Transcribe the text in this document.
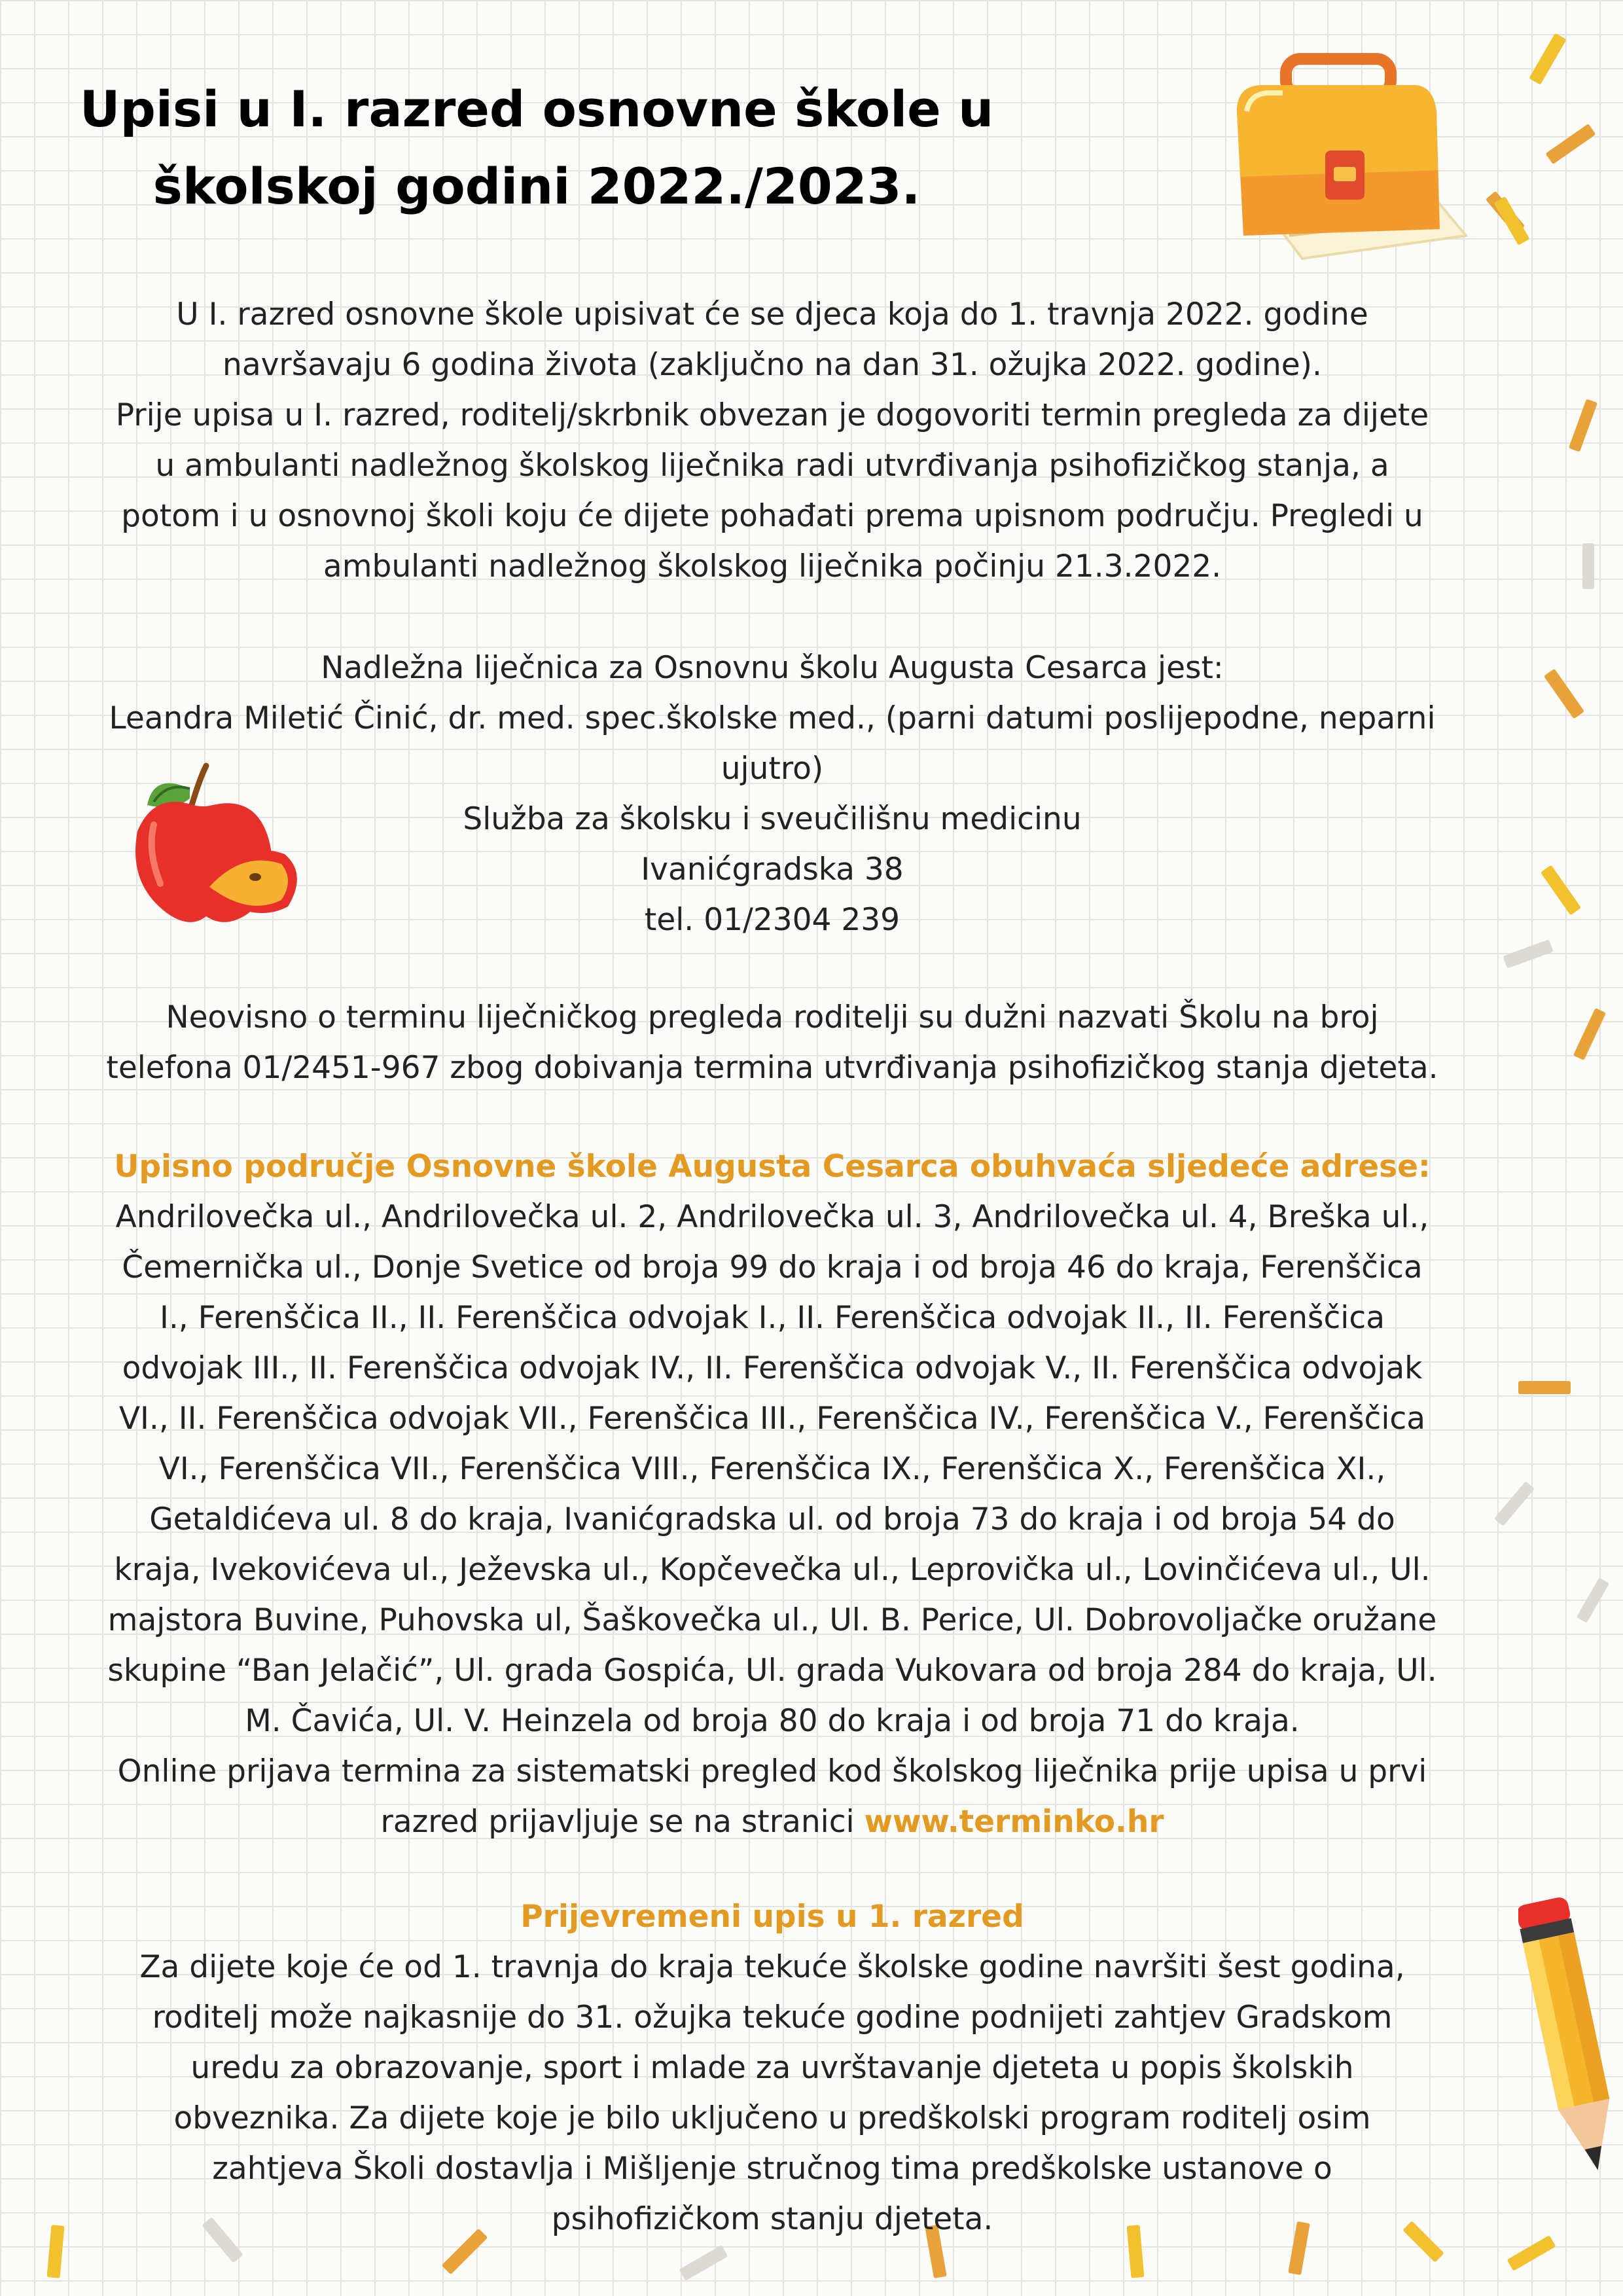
Upisi u I. razred osnovne škole u
školskoj godini 2022./2023.
U I. razred osnovne škole upisivat će se djeca koja do 1. travnja 2022. godine navršavaju 6 godina života (zaključno na dan 31. ožujka 2022. godine).
Prije upisa u I. razred, roditelj/skrbnik obvezan je dogovoriti termin pregleda za dijete u ambulanti nadležnog školskog liječnika radi utvrđivanja psihofizičkog stanja, a potom i u osnovnoj školi koju će dijete pohađati prema upisnom području. Pregledi u ambulanti nadležnog školskog liječnika počinju 21.3.2022.
Nadležna liječnica za Osnovnu školu Augusta Cesarca jest:
Leandra Miletić Činić, dr. med. spec.školske med., (parni datumi poslijepodne, neparni ujutro)
Služba za školsku i sveučilišnu medicinu
Ivanićgradska 38
tel. 01/2304 239
Neovisno o terminu liječničkog pregleda roditelji su dužni nazvati Školu na broj telefona 01/2451-967 zbog dobivanja termina utvrđivanja psihofizičkog stanja djeteta.
Upisno područje Osnovne škole Augusta Cesarca obuhvaća sljedeće adrese:
Andrilovečka ul., Andrilovečka ul. 2, Andrilovečka ul. 3, Andrilovečka ul. 4, Breška ul., Čemernička ul., Donje Svetice od broja 99 do kraja i od broja 46 do kraja, Ferenščica I., Ferenščica II., II. Ferenščica odvojak I., II. Ferenščica odvojak II., II. Ferenščica odvojak III., II. Ferenščica odvojak IV., II. Ferenščica odvojak V., II. Ferenščica odvojak VI., II. Ferenščica odvojak VII., Ferenščica III., Ferenščica IV., Ferenščica V., Ferenščica VI., Ferenščica VII., Ferenščica VIII., Ferenščica IX., Ferenščica X., Ferenščica XI., Getaldićeva ul. 8 do kraja, Ivanićgradska ul. od broja 73 do kraja i od broja 54 do kraja, Ivekovićeva ul., Ježevska ul., Kopčevečka ul., Leprovička ul., Lovinčićeva ul., Ul. majstora Buvine, Puhovska ul, Šaškovečka ul., Ul. B. Perice, Ul. Dobrovoljačke oružane skupine “Ban Jelačić”, Ul. grada Gospića, Ul. grada Vukovara od broja 284 do kraja, Ul. M. Čavića, Ul. V. Heinzela od broja 80 do kraja i od broja 71 do kraja.
Online prijava termina za sistematski pregled kod školskog liječnika prije upisa u prvi razred prijavljuje se na stranici www.terminko.hr
Prijevremeni upis u 1. razred
Za dijete koje će od 1. travnja do kraja tekuće školske godine navršiti šest godina, roditelj može najkasnije do 31. ožujka tekuće godine podnijeti zahtjev Gradskom uredu za obrazovanje, sport i mlade za uvrštavanje djeteta u popis školskih obveznika. Za dijete koje je bilo uključeno u predškolski program roditelj osim zahtjeva Školi dostavlja i Mišljenje stručnog tima predškolske ustanove o psihofizičkom stanju djeteta.
